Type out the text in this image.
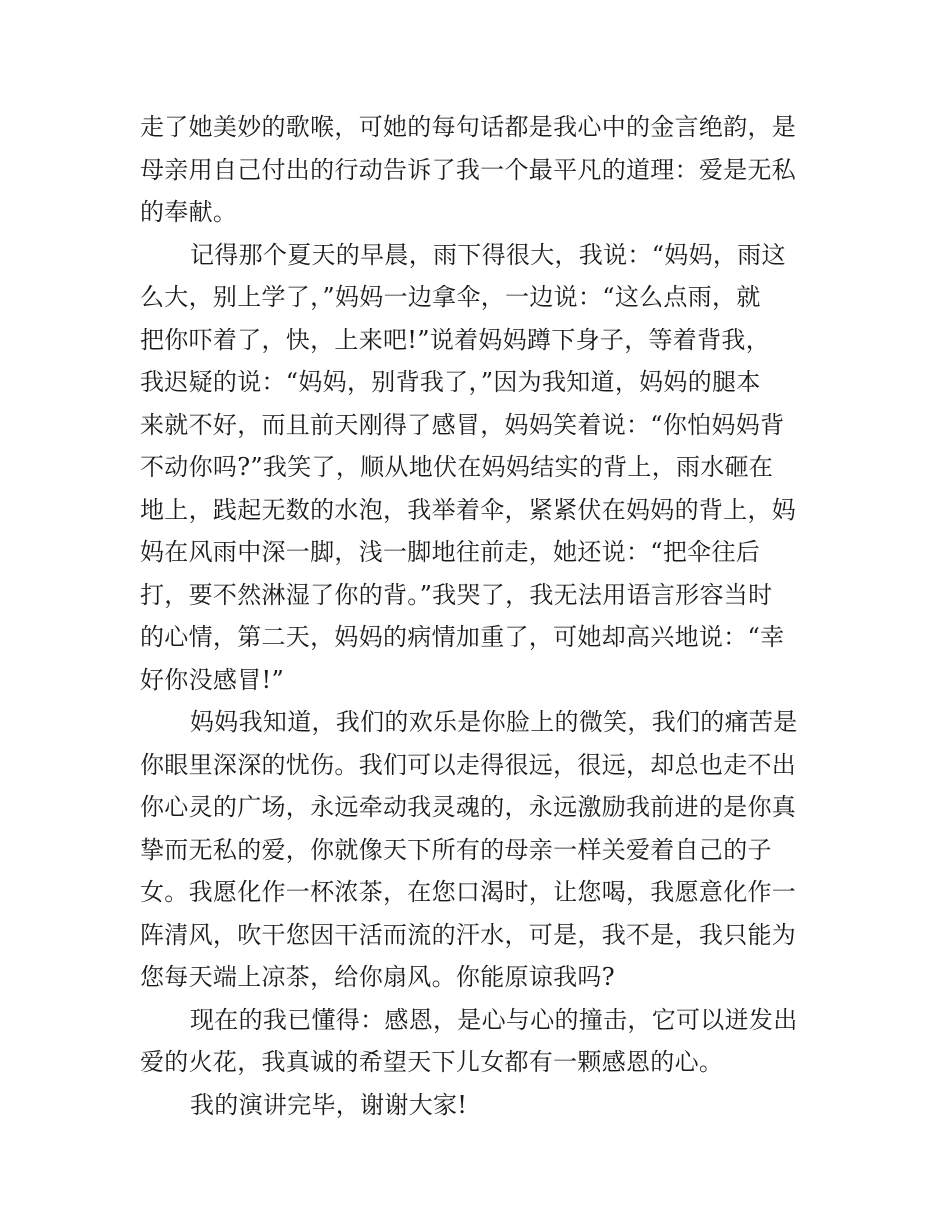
走了她美妙的歌喉，可她的每句话都是我心中的金言绝韵，是
母亲用自己付出的行动告诉了我一个最平凡的道理：爱是无私
的奉献。
记得那个夏天的早晨，雨下得很大，我说：“妈妈，雨这
么大，别上学了，”妈妈一边拿伞，一边说：“这么点雨，就
把你吓着了，快，上来吧!”说着妈妈蹲下身子，等着背我，
我迟疑的说：“妈妈，别背我了，”因为我知道，妈妈的腿本
来就不好，而且前天刚得了感冒，妈妈笑着说：“你怕妈妈背
不动你吗?”我笑了，顺从地伏在妈妈结实的背上，雨水砸在
地上，践起无数的水泡，我举着伞，紧紧伏在妈妈的背上，妈
妈在风雨中深一脚，浅一脚地往前走，她还说：“把伞往后
打，要不然淋湿了你的背。”我哭了，我无法用语言形容当时
的心情，第二天，妈妈的病情加重了，可她却高兴地说：“幸
好你没感冒!”
妈妈我知道，我们的欢乐是你脸上的微笑，我们的痛苦是
你眼里深深的忧伤。我们可以走得很远，很远，却总也走不出
你心灵的广场，永远牵动我灵魂的，永远激励我前进的是你真
挚而无私的爱，你就像天下所有的母亲一样关爱着自己的子
女。我愿化作一杯浓茶，在您口渴时，让您喝，我愿意化作一
阵清风，吹干您因干活而流的汗水，可是，我不是，我只能为
您每天端上凉茶，给你扇风。你能原谅我吗?
现在的我已懂得：感恩，是心与心的撞击，它可以迸发出
爱的火花，我真诚的希望天下儿女都有一颗感恩的心。
我的演讲完毕，谢谢大家!
